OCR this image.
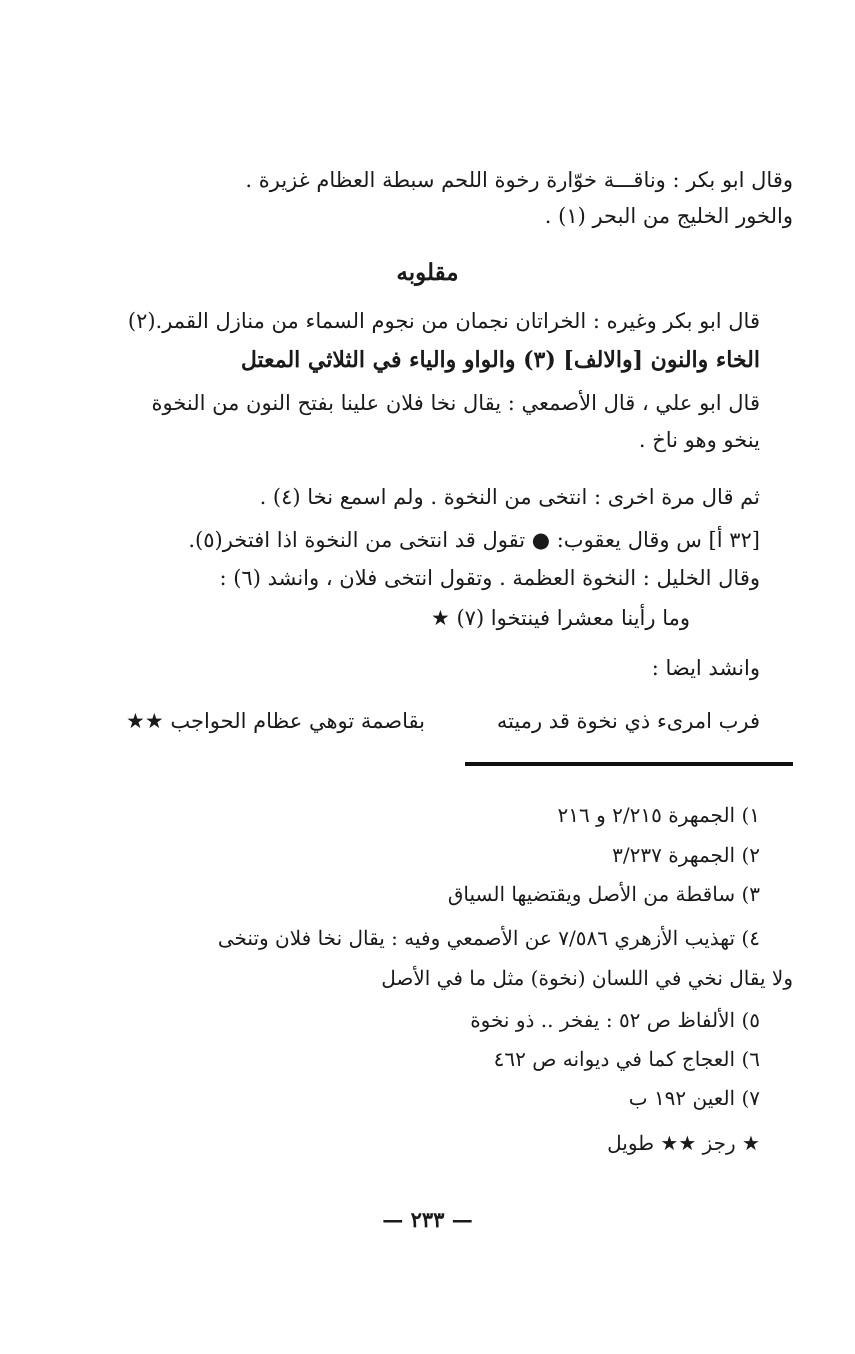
وقال ابو بكر : وناقـــة خوّارة رخوة اللحم سبطة العظام غزيرة .
والخور الخليج من البحر (١) .
مقلوبه
قال ابو بكر وغيره : الخراتان نجمان من نجوم السماء من منازل القمر.(٢)
الخاء والنون [والالف] (٣) والواو والياء في الثلاثي المعتل
قال ابو علي ، قال الأصمعي : يقال نخا فلان علينا بفتح النون من النخوة
ينخو وهو ناخ .
ثم قال مرة اخرى : انتخى من النخوة . ولم اسمع نخا (٤) .
[٣٢ أ] س وقال يعقوب: ● تقول قد انتخى من النخوة اذا افتخر(٥).
وقال الخليل : النخوة العظمة . وتقول انتخى فلان ، وانشد (٦) :
وما رأينا معشرا فينتخوا (٧) ★
وانشد ايضا :
فرب امرىء ذي نخوة قد رميته
بقاصمة توهي عظام الحواجب ★★
١) الجمهرة ٢/٢١٥ و ٢١٦
٢) الجمهرة ٣/٢٣٧
٣) ساقطة من الأصل ويقتضيها السياق
٤) تهذيب الأزهري ٧/٥٨٦ عن الأصمعي وفيه : يقال نخا فلان وتنخى
ولا يقال نخي في اللسان (نخوة) مثل ما في الأصل
٥) الألفاظ ص ٥٢ : يفخر .. ذو نخوة
٦) العجاج كما في ديوانه ص ٤٦٢
٧) العين ١٩٢ ب
★ رجز ★★ طويل
— ٢٣٣ —
